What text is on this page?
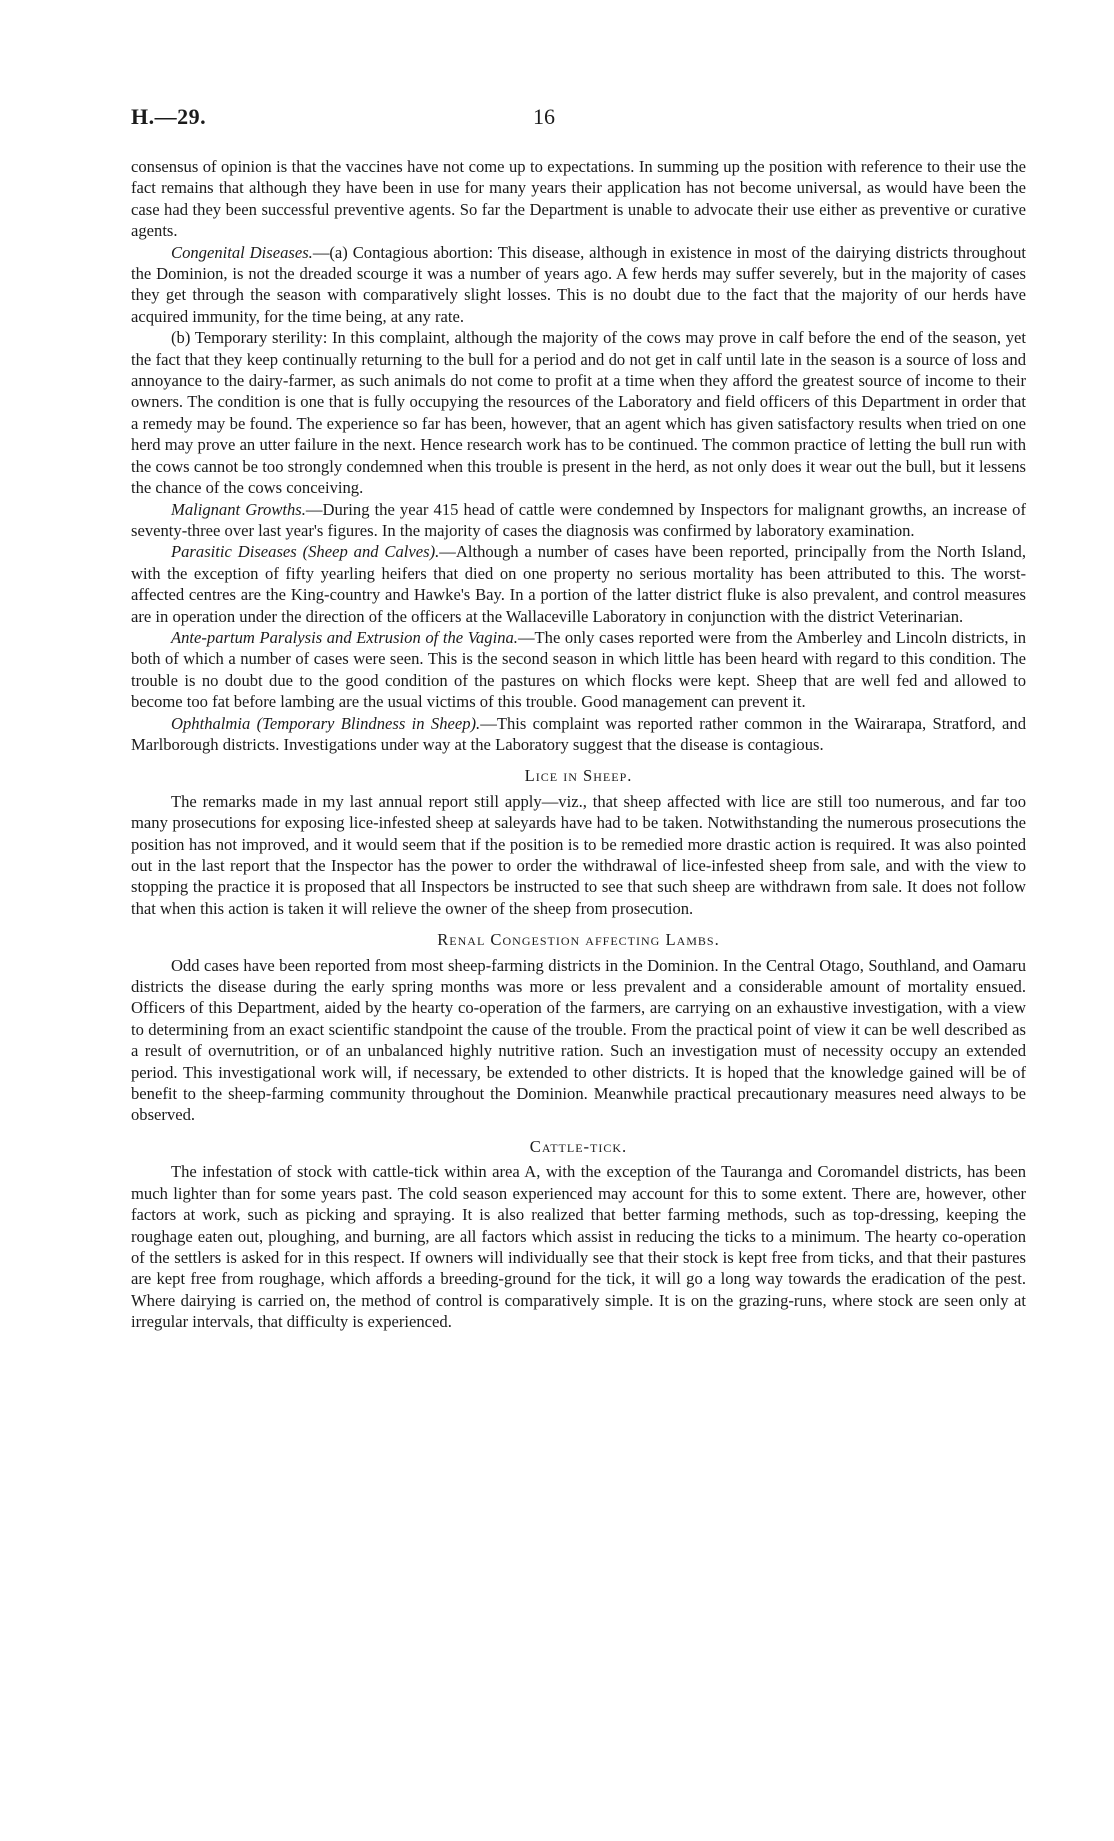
H.—29.	16

consensus of opinion is that the vaccines have not come up to expectations. In summing up the position with reference to their use the fact remains that although they have been in use for many years their application has not become universal, as would have been the case had they been successful preventive agents. So far the Department is unable to advocate their use either as preventive or curative agents.

Congenital Diseases.—(a) Contagious abortion: This disease, although in existence in most of the dairying districts throughout the Dominion, is not the dreaded scourge it was a number of years ago. A few herds may suffer severely, but in the majority of cases they get through the season with comparatively slight losses. This is no doubt due to the fact that the majority of our herds have acquired immunity, for the time being, at any rate.

(b) Temporary sterility: In this complaint, although the majority of the cows may prove in calf before the end of the season, yet the fact that they keep continually returning to the bull for a period and do not get in calf until late in the season is a source of loss and annoyance to the dairy-farmer, as such animals do not come to profit at a time when they afford the greatest source of income to their owners. The condition is one that is fully occupying the resources of the Laboratory and field officers of this Department in order that a remedy may be found. The experience so far has been, however, that an agent which has given satisfactory results when tried on one herd may prove an utter failure in the next. Hence research work has to be continued. The common practice of letting the bull run with the cows cannot be too strongly condemned when this trouble is present in the herd, as not only does it wear out the bull, but it lessens the chance of the cows conceiving.

Malignant Growths.—During the year 415 head of cattle were condemned by Inspectors for malignant growths, an increase of seventy-three over last year's figures. In the majority of cases the diagnosis was confirmed by laboratory examination.

Parasitic Diseases (Sheep and Calves).—Although a number of cases have been reported, principally from the North Island, with the exception of fifty yearling heifers that died on one property no serious mortality has been attributed to this. The worst-affected centres are the King-country and Hawke's Bay. In a portion of the latter district fluke is also prevalent, and control measures are in operation under the direction of the officers at the Wallaceville Laboratory in conjunction with the district Veterinarian.

Ante-partum Paralysis and Extrusion of the Vagina.—The only cases reported were from the Amberley and Lincoln districts, in both of which a number of cases were seen. This is the second season in which little has been heard with regard to this condition. The trouble is no doubt due to the good condition of the pastures on which flocks were kept. Sheep that are well fed and allowed to become too fat before lambing are the usual victims of this trouble. Good management can prevent it.

Ophthalmia (Temporary Blindness in Sheep).—This complaint was reported rather common in the Wairarapa, Stratford, and Marlborough districts. Investigations under way at the Laboratory suggest that the disease is contagious.

Lice in Sheep.

The remarks made in my last annual report still apply—viz., that sheep affected with lice are still too numerous, and far too many prosecutions for exposing lice-infested sheep at saleyards have had to be taken. Notwithstanding the numerous prosecutions the position has not improved, and it would seem that if the position is to be remedied more drastic action is required. It was also pointed out in the last report that the Inspector has the power to order the withdrawal of lice-infested sheep from sale, and with the view to stopping the practice it is proposed that all Inspectors be instructed to see that such sheep are withdrawn from sale. It does not follow that when this action is taken it will relieve the owner of the sheep from prosecution.

Renal Congestion affecting Lambs.

Odd cases have been reported from most sheep-farming districts in the Dominion. In the Central Otago, Southland, and Oamaru districts the disease during the early spring months was more or less prevalent and a considerable amount of mortality ensued. Officers of this Department, aided by the hearty co-operation of the farmers, are carrying on an exhaustive investigation, with a view to determining from an exact scientific standpoint the cause of the trouble. From the practical point of view it can be well described as a result of overnutrition, or of an unbalanced highly nutritive ration. Such an investigation must of necessity occupy an extended period. This investigational work will, if necessary, be extended to other districts. It is hoped that the knowledge gained will be of benefit to the sheep-farming community throughout the Dominion. Meanwhile practical precautionary measures need always to be observed.

Cattle-tick.

The infestation of stock with cattle-tick within area A, with the exception of the Tauranga and Coromandel districts, has been much lighter than for some years past. The cold season experienced may account for this to some extent. There are, however, other factors at work, such as picking and spraying. It is also realized that better farming methods, such as top-dressing, keeping the roughage eaten out, ploughing, and burning, are all factors which assist in reducing the ticks to a minimum. The hearty co-operation of the settlers is asked for in this respect. If owners will individually see that their stock is kept free from ticks, and that their pastures are kept free from roughage, which affords a breeding-ground for the tick, it will go a long way towards the eradication of the pest. Where dairying is carried on, the method of control is comparatively simple. It is on the grazing-runs, where stock are seen only at irregular intervals, that difficulty is experienced.
